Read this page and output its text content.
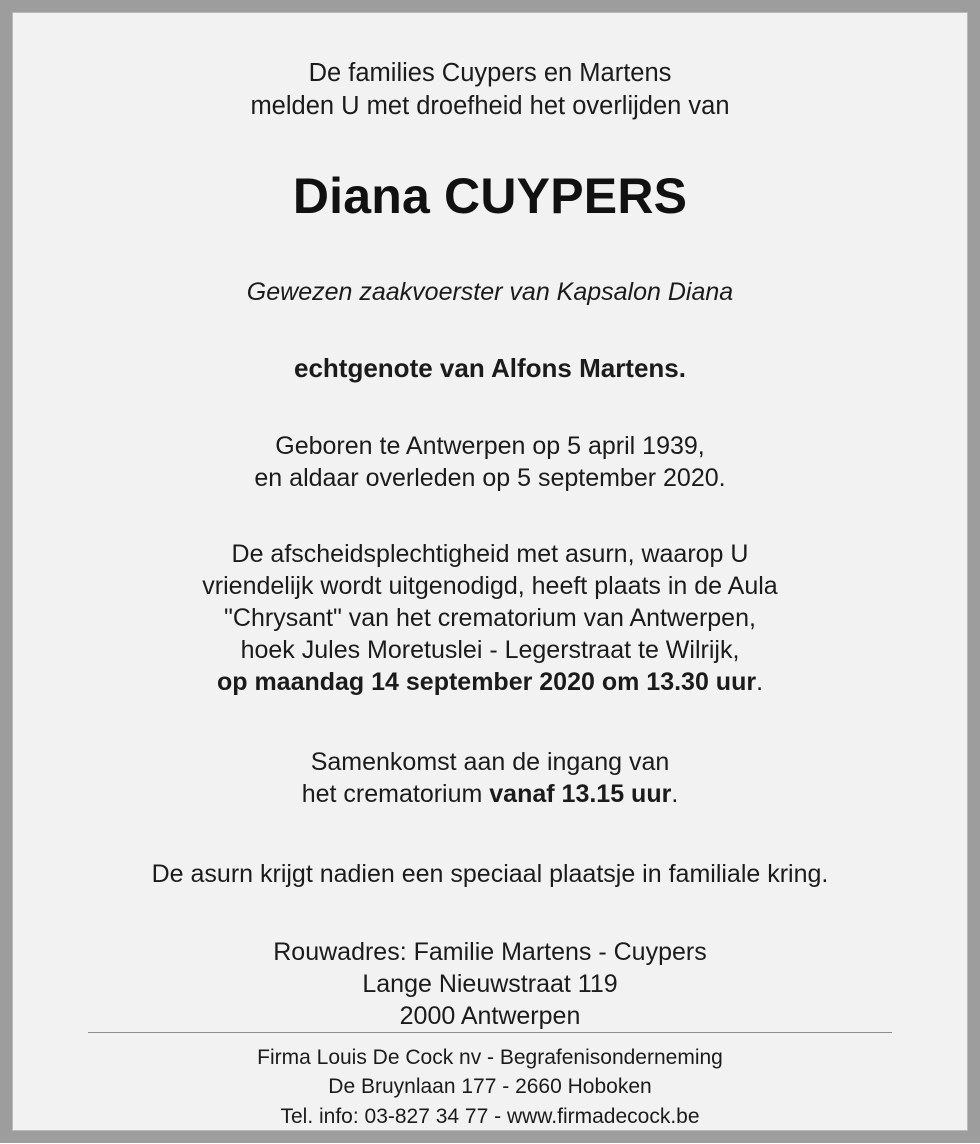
De families Cuypers en Martens
melden U met droefheid het overlijden van
Diana CUYPERS
Gewezen zaakvoerster van Kapsalon Diana
echtgenote van Alfons Martens.
Geboren te Antwerpen op 5 april 1939,
en aldaar overleden op 5 september 2020.
De afscheidsplechtigheid met asurn, waarop U
vriendelijk wordt uitgenodigd, heeft plaats in de Aula
"Chrysant" van het crematorium van Antwerpen,
hoek Jules Moretuslei - Legerstraat te Wilrijk,
op maandag 14 september 2020 om 13.30 uur.
Samenkomst aan de ingang van
het crematorium vanaf 13.15 uur.
De asurn krijgt nadien een speciaal plaatsje in familiale kring.
Rouwadres: Familie Martens - Cuypers
Lange Nieuwstraat 119
2000 Antwerpen
Firma Louis De Cock nv - Begrafenisonderneming
De Bruynlaan 177 - 2660 Hoboken
Tel. info: 03-827 34 77 - www.firmadecock.be
